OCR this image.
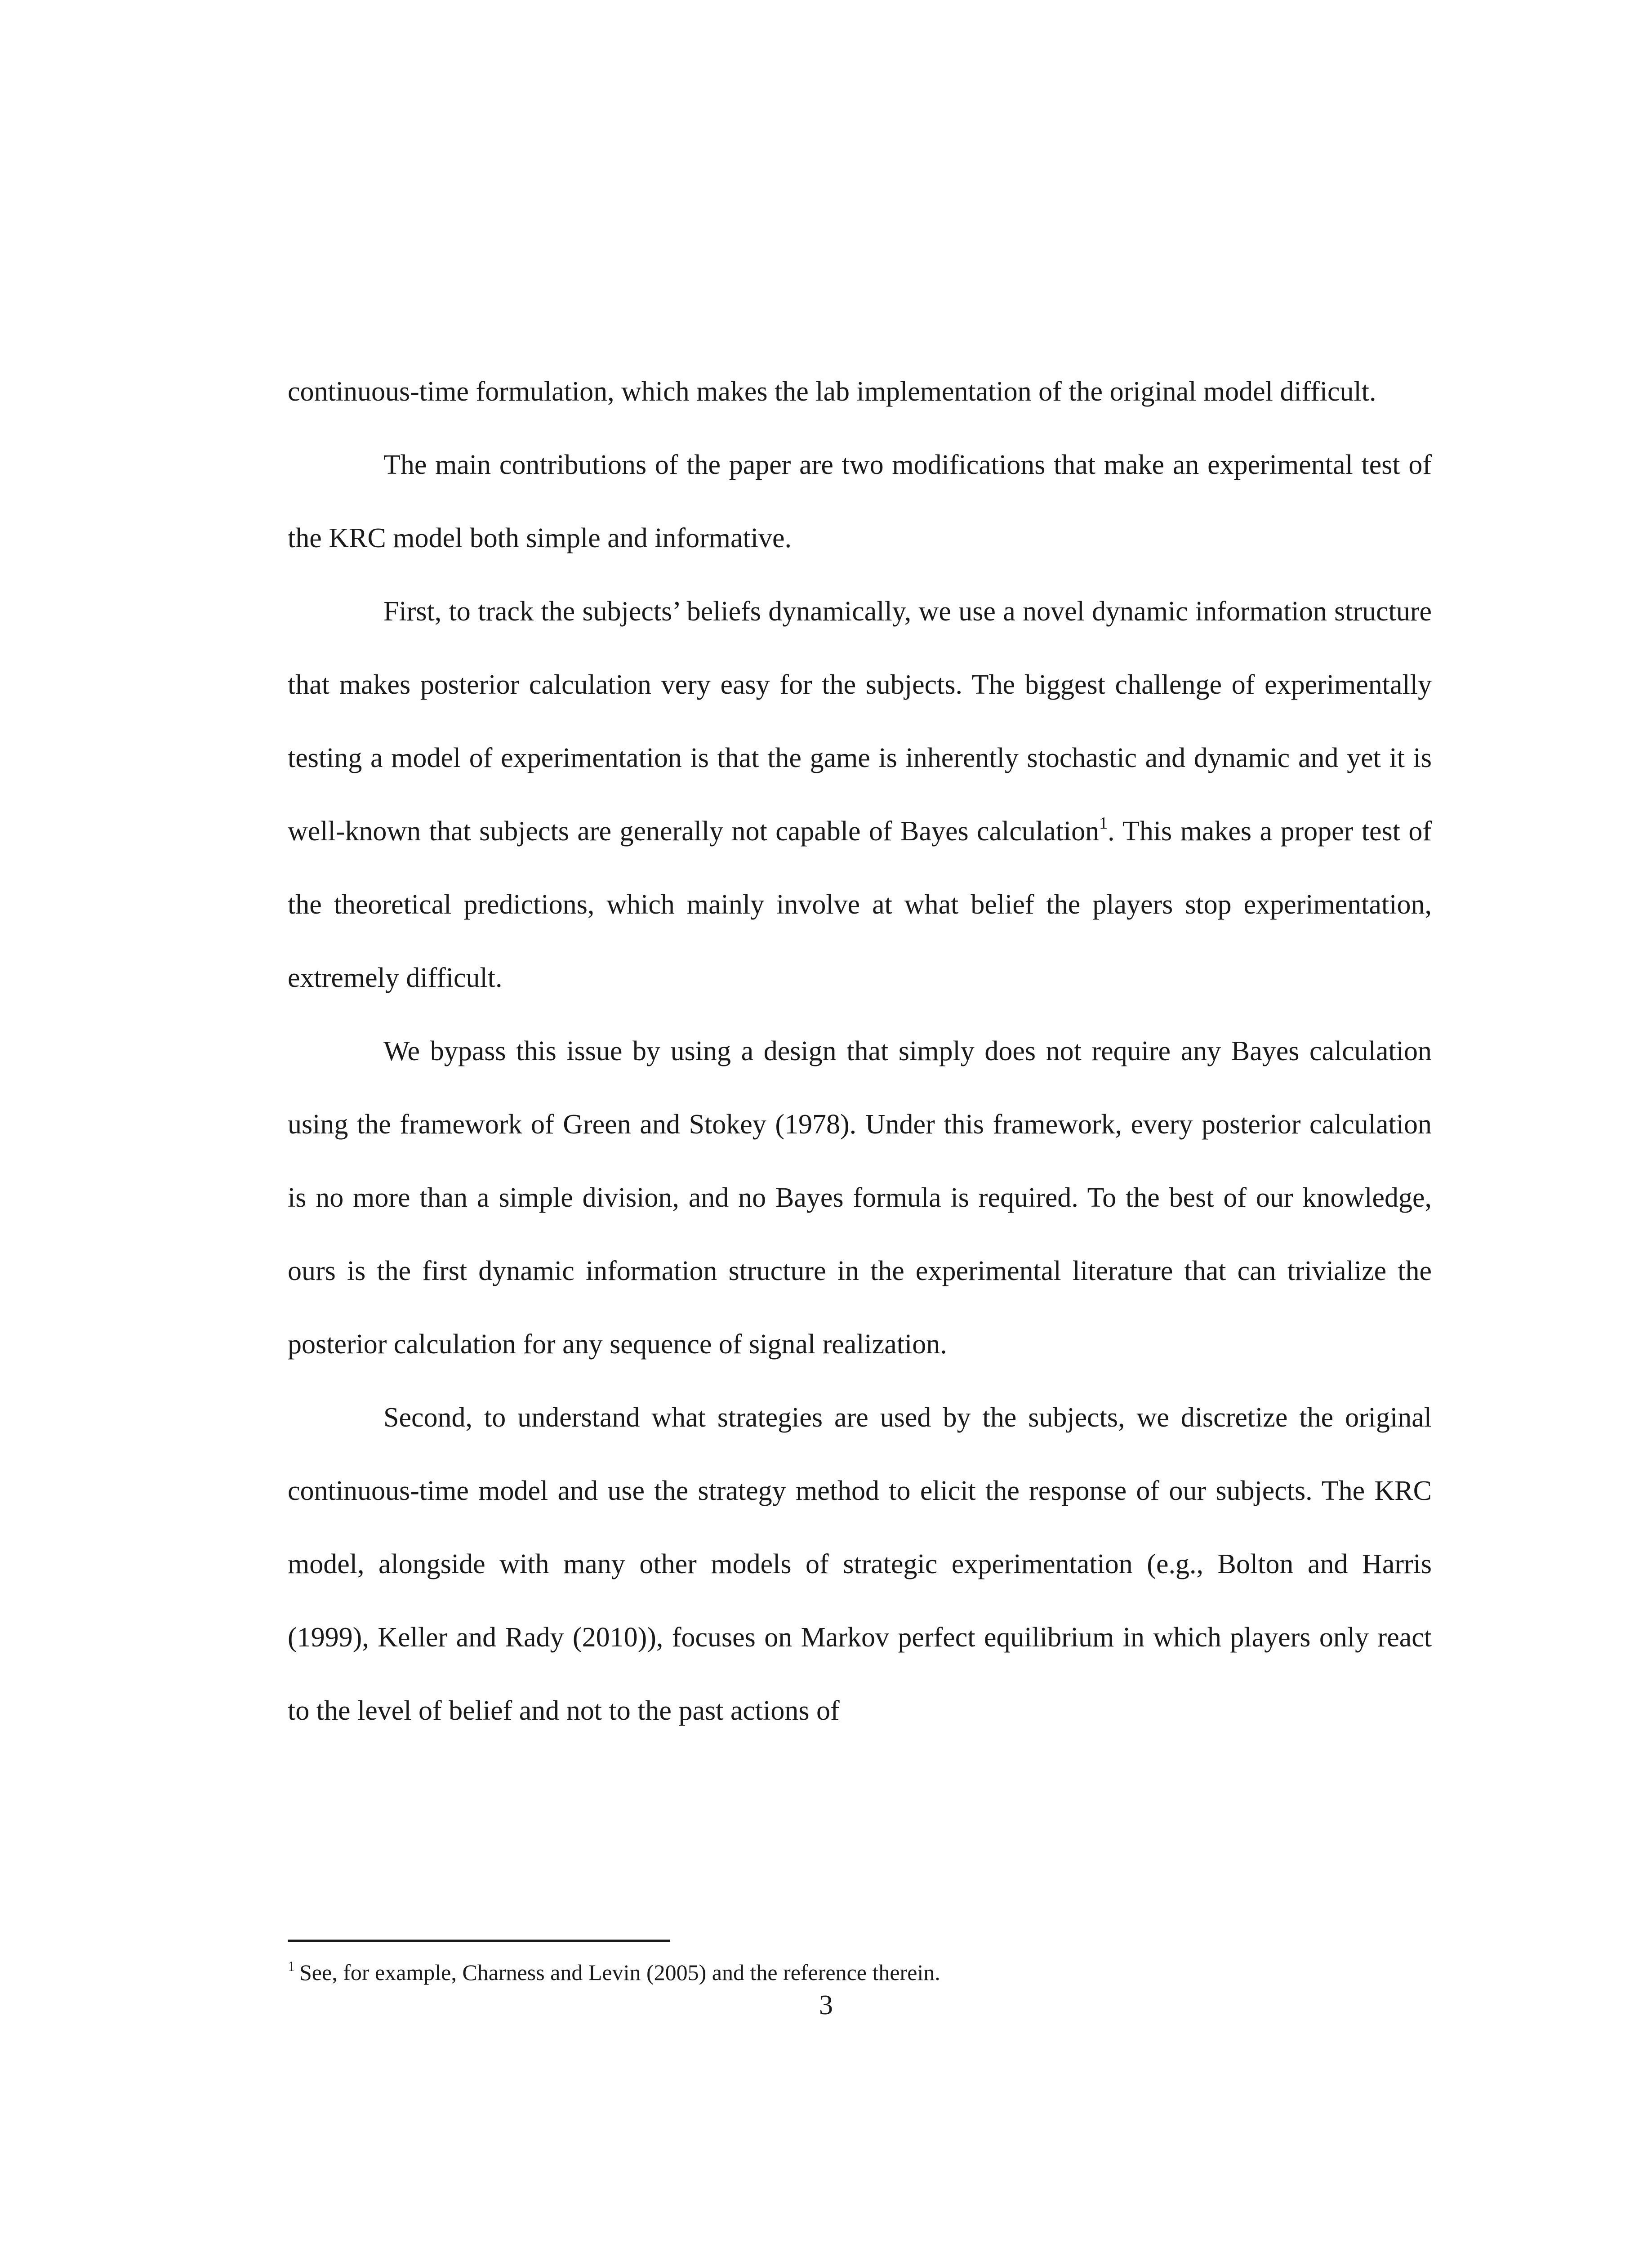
continuous-time formulation, which makes the lab implementation of the original model difficult.

The main contributions of the paper are two modifications that make an experimental test of the KRC model both simple and informative.

First, to track the subjects’ beliefs dynamically, we use a novel dynamic information structure that makes posterior calculation very easy for the subjects. The biggest challenge of experimentally testing a model of experimentation is that the game is inherently stochastic and dynamic and yet it is well-known that subjects are generally not capable of Bayes calculation$^1$. This makes a proper test of the theoretical predictions, which mainly involve at what belief the players stop experimentation, extremely difficult.

We bypass this issue by using a design that simply does not require any Bayes calculation using the framework of Green and Stokey (1978). Under this framework, every posterior calculation is no more than a simple division, and no Bayes formula is required. To the best of our knowledge, ours is the first dynamic information structure in the experimental literature that can trivialize the posterior calculation for any sequence of signal realization.

Second, to understand what strategies are used by the subjects, we discretize the original continuous-time model and use the strategy method to elicit the response of our subjects. The KRC model, alongside with many other models of strategic experimentation (e.g., Bolton and Harris (1999), Keller and Rady (2010)), focuses on Markov perfect equilibrium in which players only react to the level of belief and not to the past actions of

$^1$ See, for example, Charness and Levin (2005) and the reference therein.

3
